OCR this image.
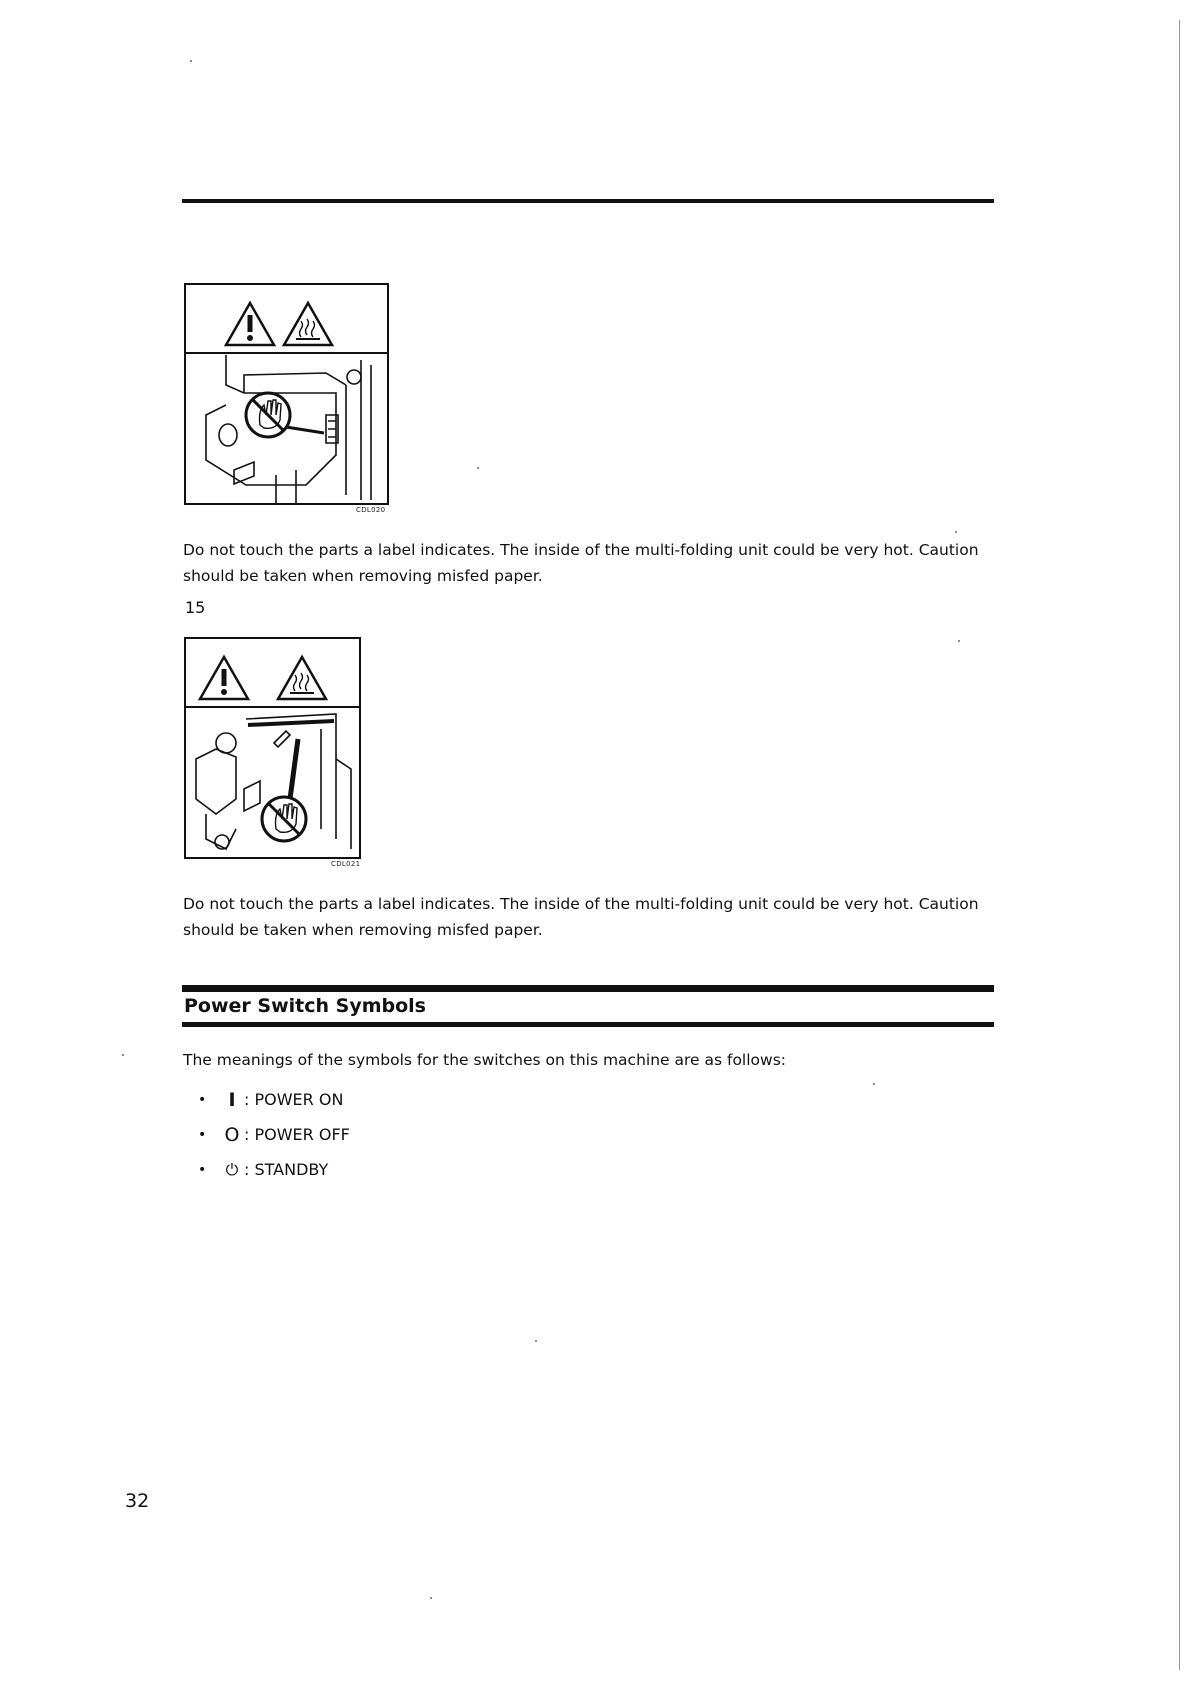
CDL020
Do not touch the parts a label indicates. The inside of the multi-folding unit could be very hot. Caution should be taken when removing misfed paper.
15
CDL021
Do not touch the parts a label indicates. The inside of the multi-folding unit could be very hot. Caution should be taken when removing misfed paper.
Power Switch Symbols
The meanings of the symbols for the switches on this machine are as follows:
•	I : POWER ON
• O : POWER OFF
•	⏻ : STANDBY
32
